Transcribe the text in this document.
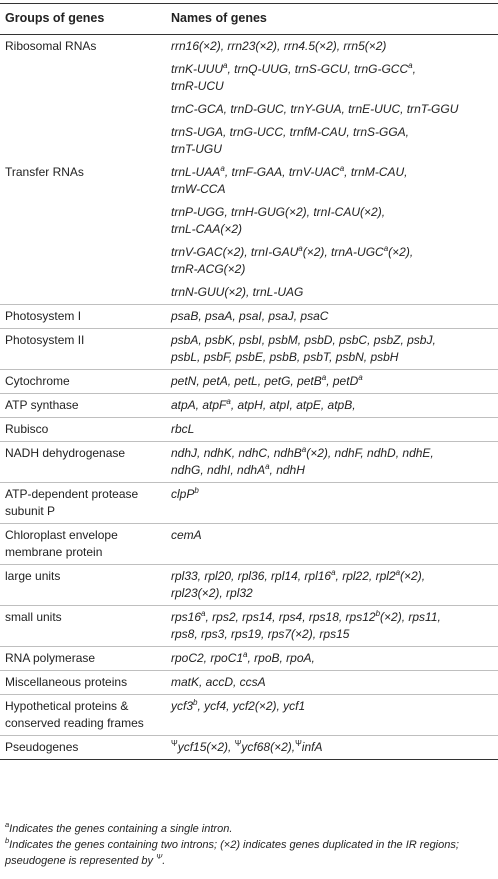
Groups of genes	Names of genes
Ribosomal RNAs	rrn16(×2), rrn23(×2), rrn4.5(×2), rrn5(×2)

	trnK-UUU$^a$, trnQ-UUG, trnS-GCU, trnG-GCC$^a$,
trnR-UCU

	trnC-GCA, trnD-GUC, trnY-GUA, trnE-UUC, trnT-GGU

	trnS-UGA, trnG-UCC, trnfM-CAU, trnS-GGA,
trnT-UGU

Transfer RNAs	trnL-UAA$^a$, trnF-GAA, trnV-UAC$^a$, trnM-CAU,
trnW-CCA

	trnP-UGG, trnH-GUG(×2), trnI-CAU(×2),
trnL-CAA(×2)

	trnV-GAC(×2), trnI-$GAU^a(\times 2)$, trnA-$UGC^a(\times 2)$,
trnR-ACG(×2)

	trnN-GUU(×2), trnL-UAG

Photosystem I	psaB, psaA, psaI, psaJ, psaC

Photosystem II	psbA, psbK, psbI, psbM, psbD, psbC, psbZ, psbJ,
psbL, psbF, psbE, psbB, psbT, psbN, psbH

Cytochrome	petN, petA, petL, petG, petB$^a$, petD$^a$

ATP synthase	atpA, atpF$^a$, atpH, atpI, atpE, atpB,

Rubisco	rbcL

NADH dehydrogenase	ndhJ, ndhK, ndhC, ndhB$^a$(×2), ndhF, ndhD, ndhE,
ndhG, ndhI, ndhA$^a$, ndhH

ATP-dependent protease subunit P	clpP$^b$

Chloroplast envelope membrane protein	cemA

large units	rpl33, rpl20, rpl36, rpl14, rpl16$^a$, rpl22, $rpl2^a(\times 2)$,
rpl23(×2), rpl32

small units	rps16$^a$, rps2, rps14, rps4, rps18, $rps12^b(\times 2)$, rps11,
rps8, rps3, rps19, rps7(×2), rps15

RNA polymerase	rpoC2, rpoC1$^a$, rpoB, rpoA,

Miscellaneous proteins	matK, accD, ccsA

Hypothetical proteins & conserved reading frames	ycf3$^b$, ycf4, ycf2(×2), ycf1

Pseudogenes	$^\Psi$ycf15(×2), $^\Psi$ycf68(×2),$^\Psi$infA
$^a$Indicates the genes containing a single intron.
$^b$Indicates the genes containing two introns; (×2) indicates genes duplicated in the IR regions; pseudogene is represented by $^\Psi$.
